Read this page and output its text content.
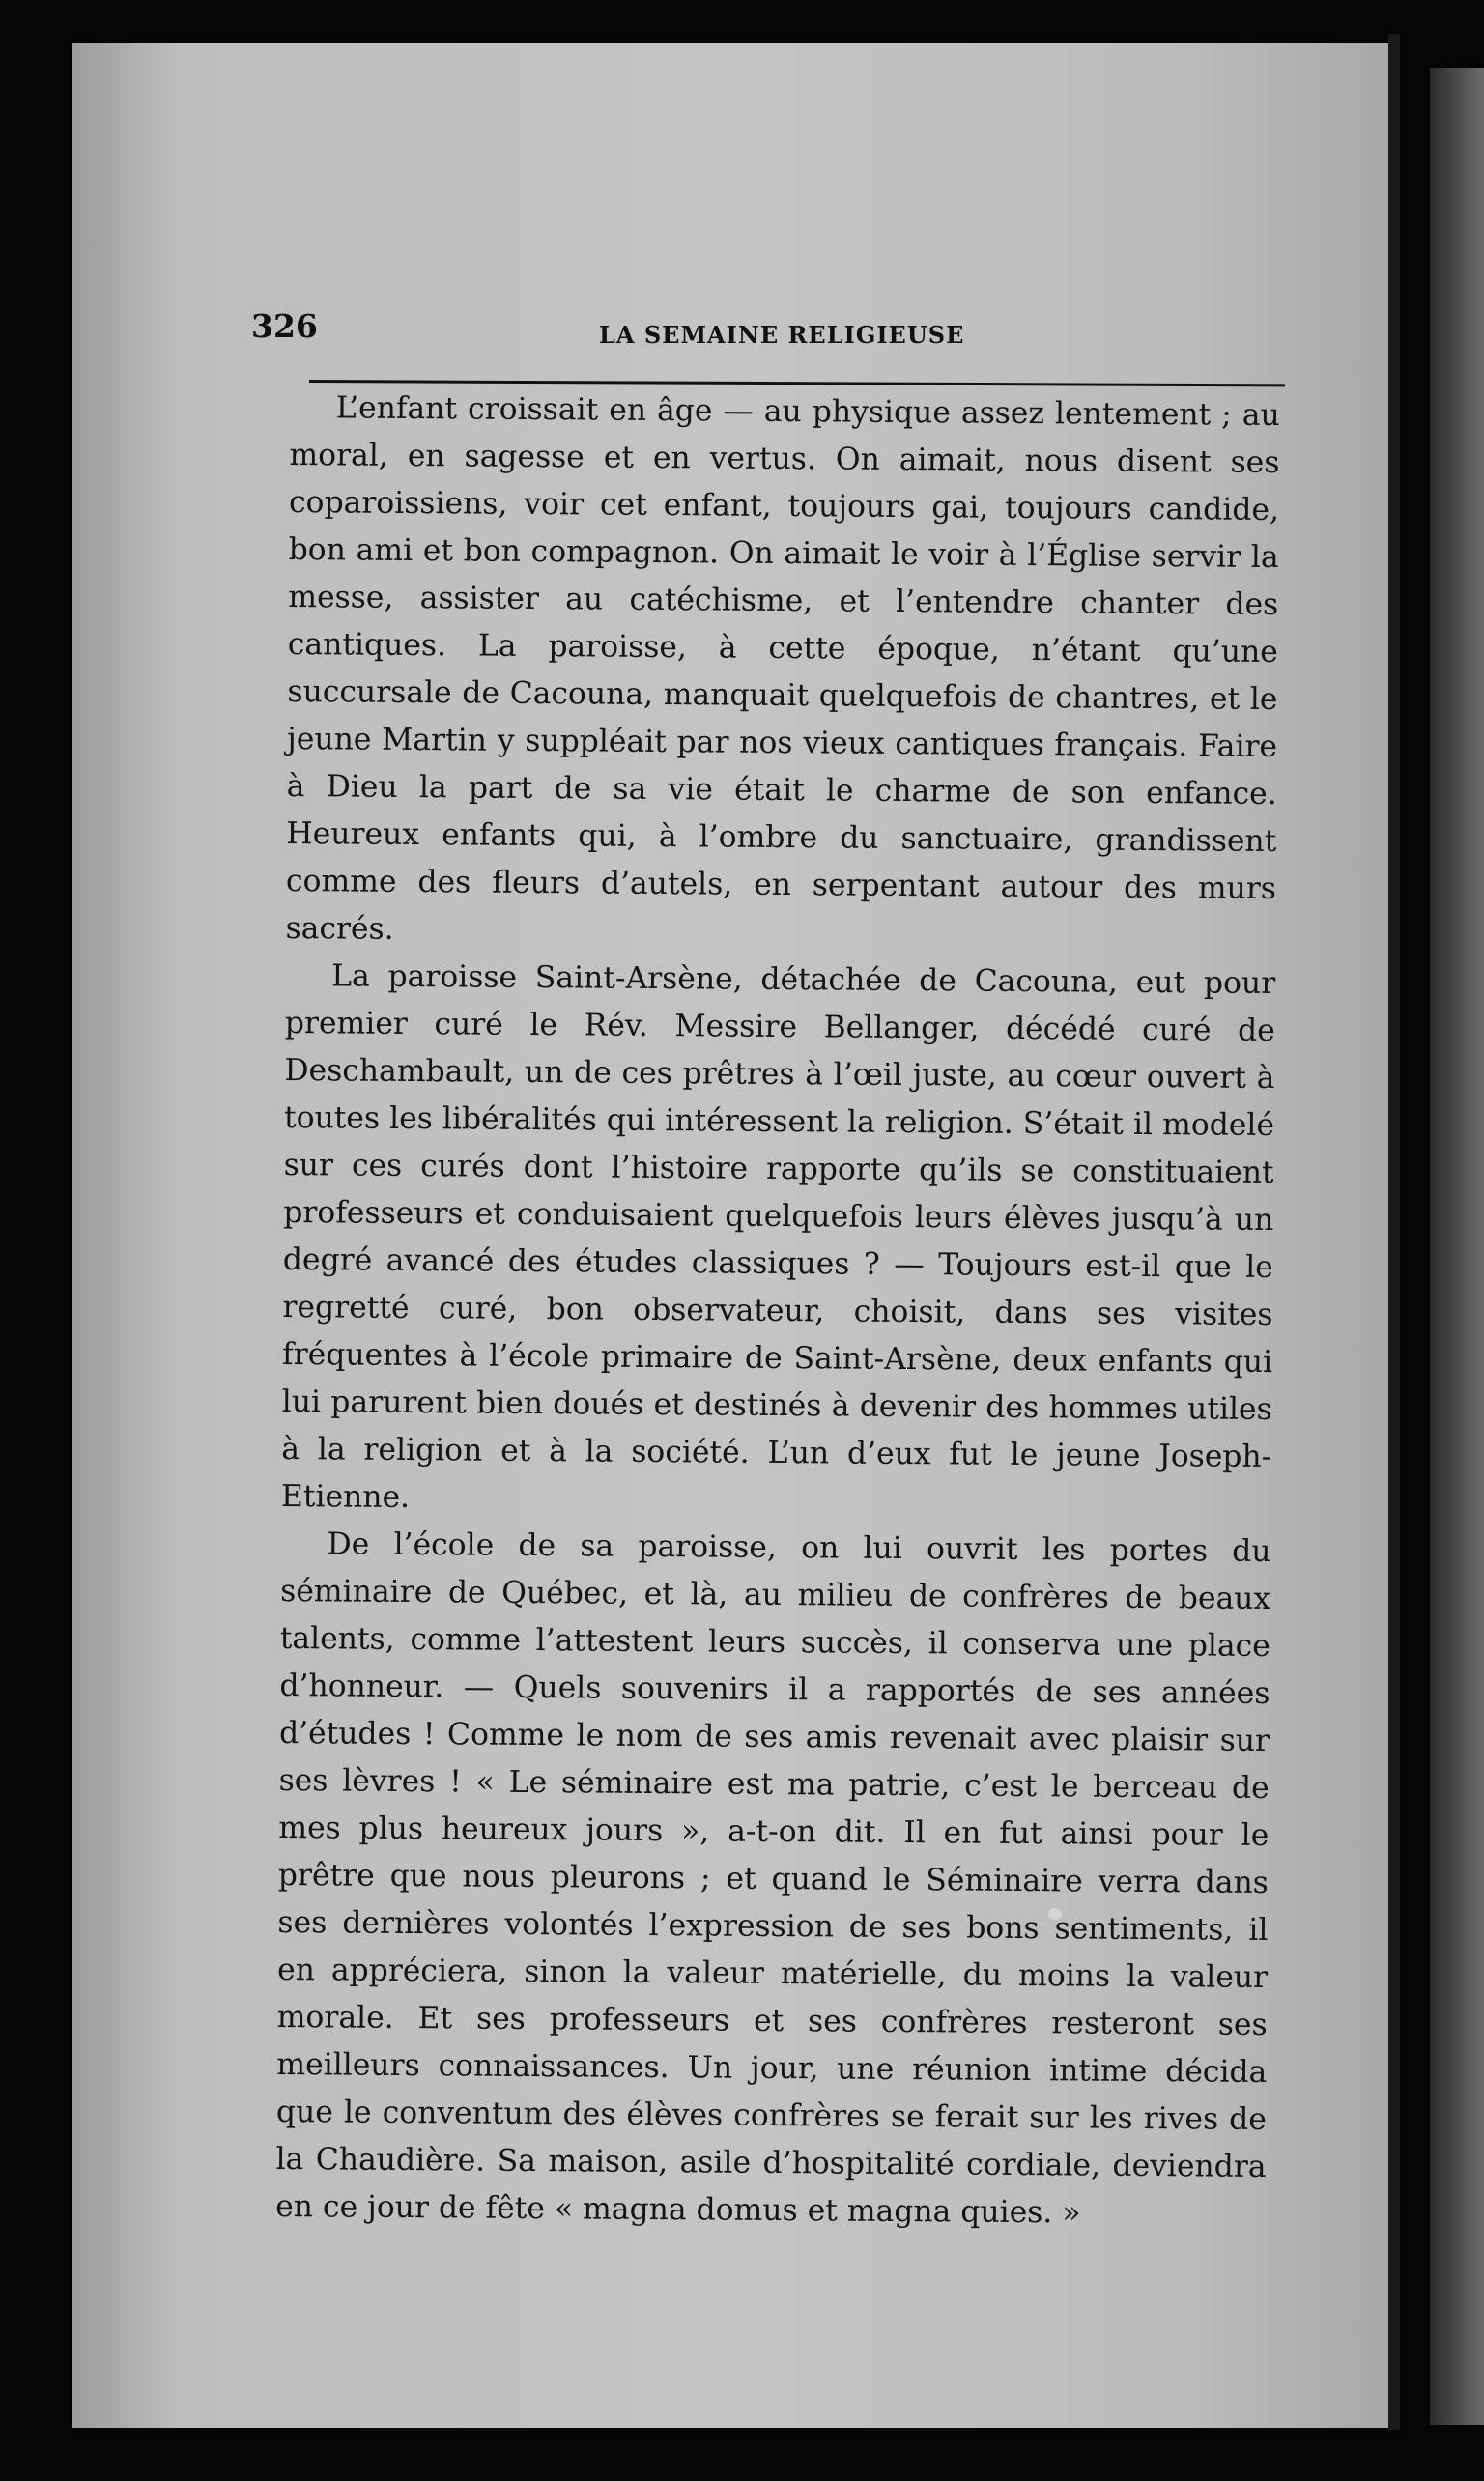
326	LA SEMAINE RELIGIEUSE

L’enfant croissait en âge — au physique assez lentement ; au moral, en sagesse et en vertus. On aimait, nous disent ses coparoissiens, voir cet enfant, toujours gai, toujours candide, bon ami et bon compagnon. On aimait le voir à l’Église servir la messe, assister au catéchisme, et l’entendre chanter des cantiques. La paroisse, à cette époque, n’étant qu’une succursale de Cacouna, manquait quelquefois de chantres, et le jeune Martin y suppléait par nos vieux cantiques français. Faire à Dieu la part de sa vie était le charme de son enfance. Heureux enfants qui, à l’ombre du sanctuaire, grandissent comme des fleurs d’autels, en serpentant autour des murs sacrés.

La paroisse Saint-Arsène, détachée de Cacouna, eut pour premier curé le Rév. Messire Bellanger, décédé curé de Deschambault, un de ces prêtres à l’œil juste, au cœur ouvert à toutes les libéralités qui intéressent la religion. S’était il modelé sur ces curés dont l’histoire rapporte qu’ils se constituaient professeurs et conduisaient quelquefois leurs élèves jusqu’à un degré avancé des études classiques ? — Toujours est-il que le regretté curé, bon observateur, choisit, dans ses visites fréquentes à l’école primaire de Saint-Arsène, deux enfants qui lui parurent bien doués et destinés à devenir des hommes utiles à la religion et à la société. L’un d’eux fut le jeune Joseph-Etienne.

De l’école de sa paroisse, on lui ouvrit les portes du séminaire de Québec, et là, au milieu de confrères de beaux talents, comme l’attestent leurs succès, il conserva une place d’honneur. — Quels souvenirs il a rapportés de ses années d’études ! Comme le nom de ses amis revenait avec plaisir sur ses lèvres ! « Le séminaire est ma patrie, c’est le berceau de mes plus heureux jours », a-t-on dit. Il en fut ainsi pour le prêtre que nous pleurons ; et quand le Séminaire verra dans ses dernières volontés l’expression de ses bons sentiments, il en appréciera, sinon la valeur matérielle, du moins la valeur morale. Et ses professeurs et ses confrères resteront ses meilleurs connaissances. Un jour, une réunion intime décida que le conventum des élèves confrères se ferait sur les rives de la Chaudière. Sa maison, asile d’hospitalité cordiale, deviendra en ce jour de fête « magna domus et magna quies. »
